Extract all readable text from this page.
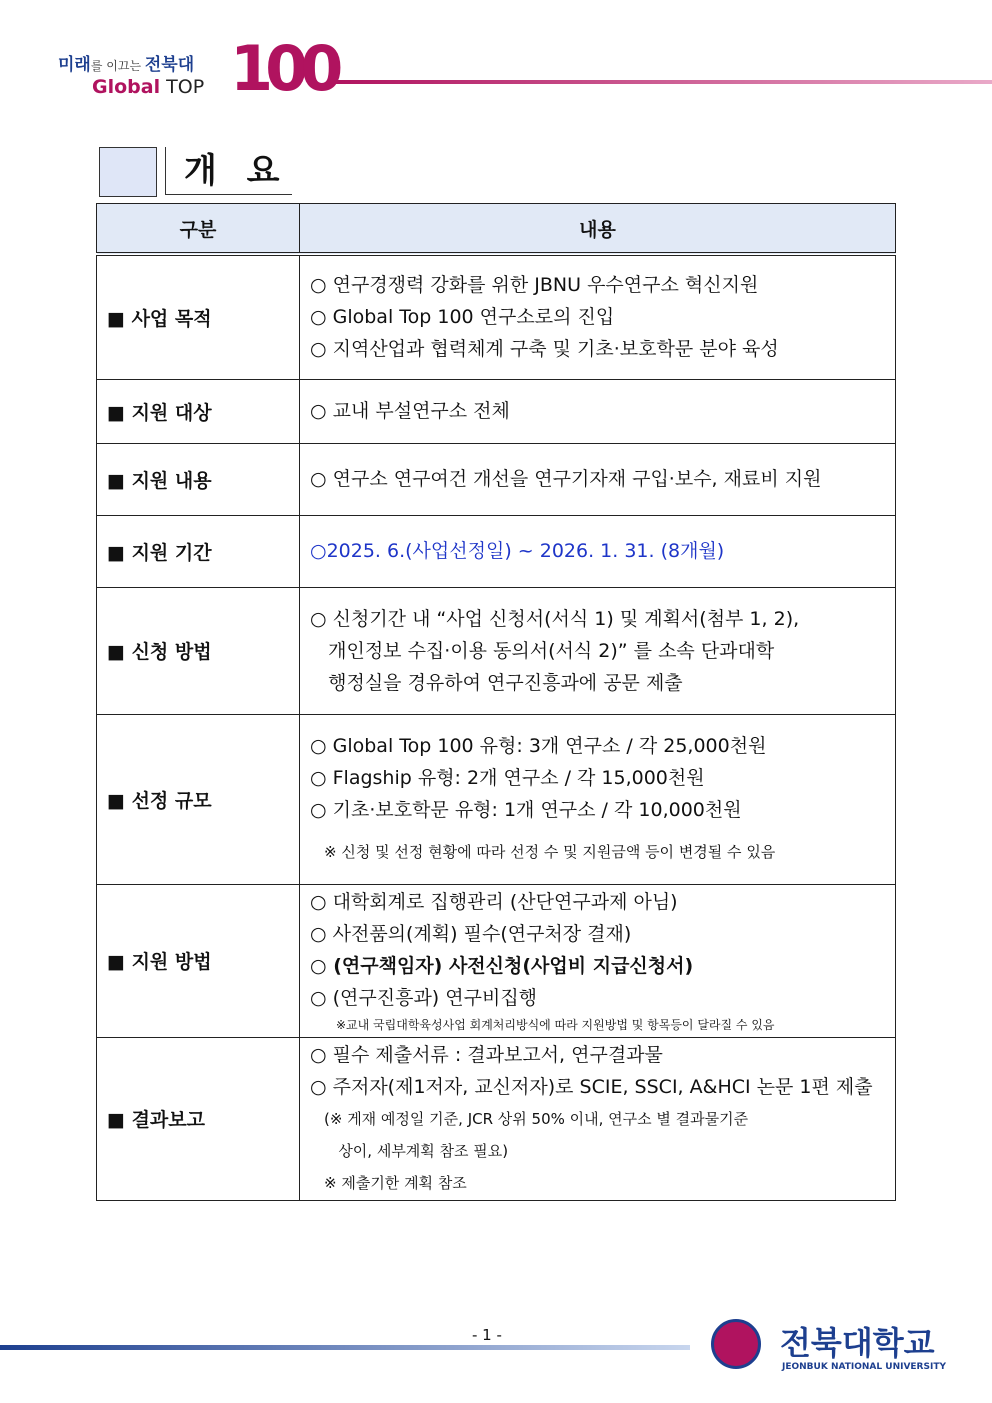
미래를 이끄는 전북대
Global TOP 100
개 요
구분	내용
■ 사업 목적	○ 연구경쟁력 강화를 위한 JBNU 우수연구소 혁신지원
○ Global Top 100 연구소로의 진입
○ 지역산업과 협력체계 구축 및 기초·보호학문 분야 육성

■ 지원 대상	○ 교내 부설연구소 전체

■ 지원 내용	○ 연구소 연구여건 개선을 연구기자재 구입·보수, 재료비 지원

■ 지원 기간	○2025. 6.(사업선정일) ~ 2026. 1. 31. (8개월)

■ 신청 방법	○ 신청기간 내 “사업 신청서(서식 1) 및 계획서(첨부 1, 2),
개인정보 수집·이용 동의서(서식 2)” 를 소속 단과대학
행정실을 경유하여 연구진흥과에 공문 제출

■ 선정 규모	○ Global Top 100 유형: 3개 연구소 / 각 25,000천원
○ Flagship 유형: 2개 연구소 / 각 15,000천원
○ 기초·보호학문 유형: 1개 연구소 / 각 10,000천원
※ 신청 및 선정 현황에 따라 선정 수 및 지원금액 등이 변경될 수 있음

■ 지원 방법	○ 대학회계로 집행관리 (산단연구과제 아님)
○ 사전품의(계획) 필수(연구처장 결재)
○ (연구책임자) 사전신청(사업비 지급신청서)
○ (연구진흥과) 연구비집행
※교내 국립대학육성사업 회계처리방식에 따라 지원방법 및 항목등이 달라질 수 있음

■ 결과보고	○ 필수 제출서류 : 결과보고서, 연구결과물
○ 주저자(제1저자, 교신저자)로 SCIE, SSCI, A&HCI 논문 1편 제출
(※ 게재 예정일 기준, JCR 상위 50% 이내, 연구소 별 결과물기준
상이, 세부계획 참조 필요)
※ 제출기한 계획 참조
- 1 -	전북대학교
JEONBUK NATIONAL UNIVERSITY
